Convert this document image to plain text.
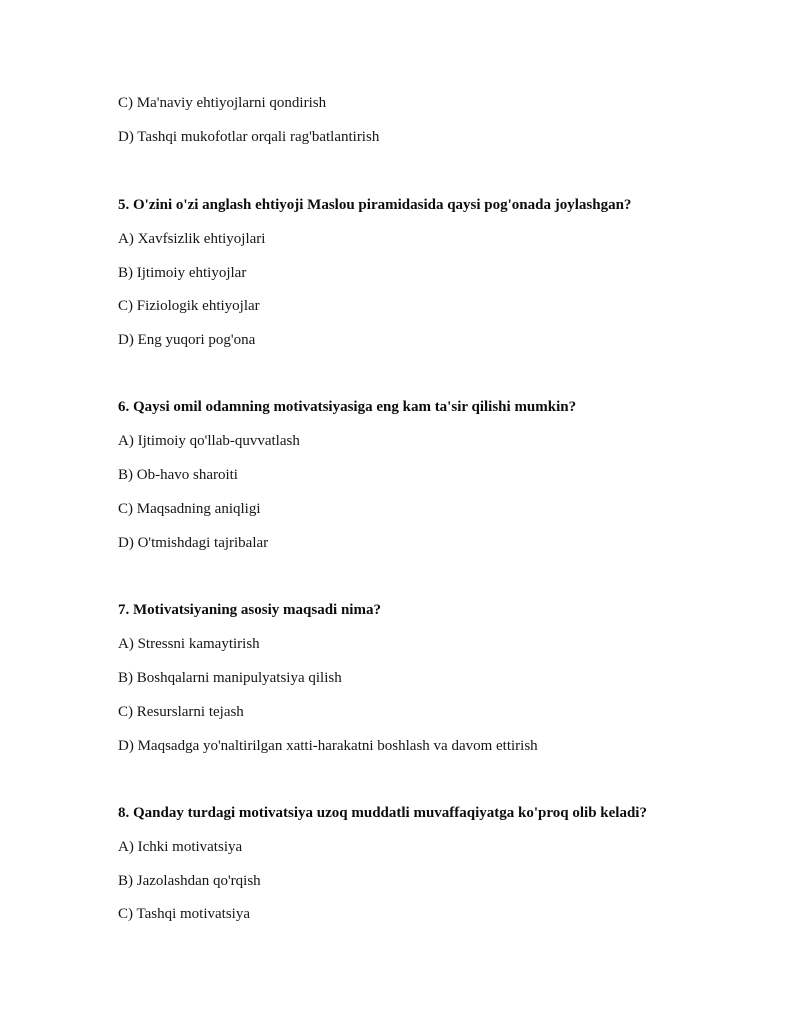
C) Ma'naviy ehtiyojlarni qondirish
D) Tashqi mukofotlar orqali rag'batlantirish
5. O'zini o'zi anglash ehtiyoji Maslou piramidasida qaysi pog'onada joylashgan?
A) Xavfsizlik ehtiyojlari
B) Ijtimoiy ehtiyojlar
C) Fiziologik ehtiyojlar
D) Eng yuqori pog'ona
6. Qaysi omil odamning motivatsiyasiga eng kam ta'sir qilishi mumkin?
A) Ijtimoiy qo'llab-quvvatlash
B) Ob-havo sharoiti
C) Maqsadning aniqligi
D) O'tmishdagi tajribalar
7. Motivatsiyaning asosiy maqsadi nima?
A) Stressni kamaytirish
B) Boshqalarni manipulyatsiya qilish
C) Resurslarni tejash
D) Maqsadga yo'naltirilgan xatti-harakatni boshlash va davom ettirish
8. Qanday turdagi motivatsiya uzoq muddatli muvaffaqiyatga ko'proq olib keladi?
A) Ichki motivatsiya
B) Jazolashdan qo'rqish
C) Tashqi motivatsiya
